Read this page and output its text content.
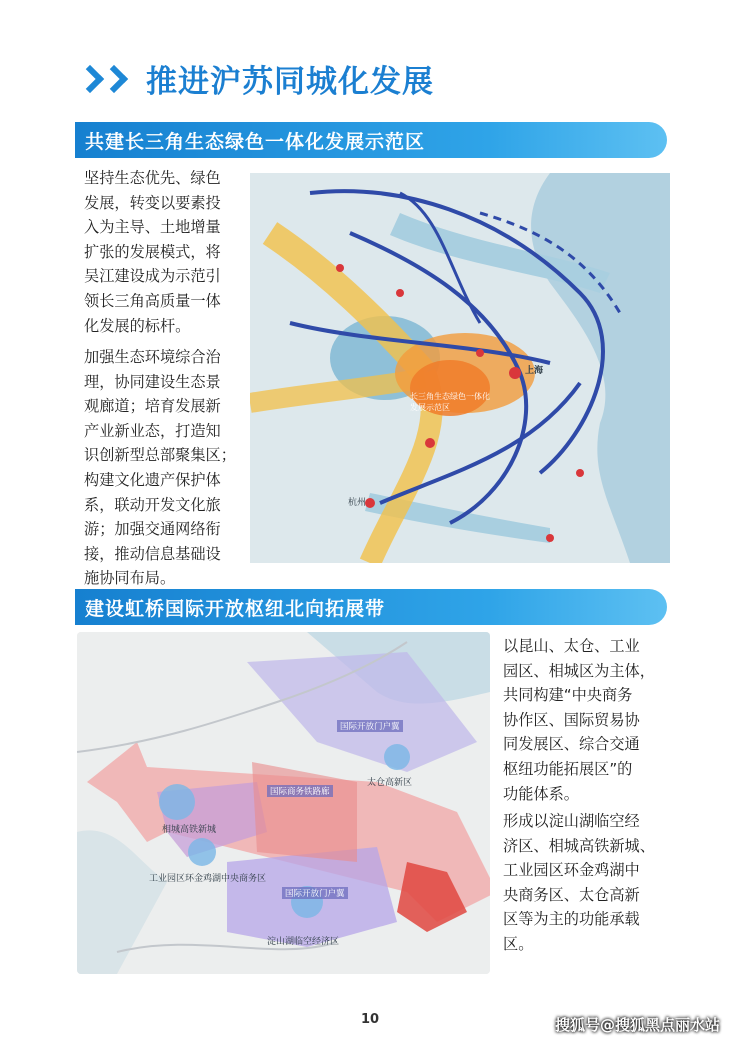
推进沪苏同城化发展
共建长三角生态绿色一体化发展示范区
坚持生态优先、绿色
发展，转变以要素投
入为主导、土地增量
扩张的发展模式，将
吴江建设成为示范引
领长三角高质量一体
化发展的标杆。
加强生态环境综合治
理，协同建设生态景
观廊道；培育发展新
产业新业态，打造知
识创新型总部聚集区；
构建文化遗产保护体
系，联动开发文化旅
游；加强交通网络衔
接，推动信息基础设
施协同布局。
上海
长三角生态绿色一体化发展示范区
杭州
建设虹桥国际开放枢纽北向拓展带
国际开放门户翼
太仓高新区
国际商务铁路廊
相城高铁新城
工业园区环金鸡湖中央商务区
国际开放门户翼
淀山湖临空经济区
以昆山、太仓、工业
园区、相城区为主体，
共同构建“中央商务
协作区、国际贸易协
同发展区、综合交通
枢纽功能拓展区”的
功能体系。
形成以淀山湖临空经
济区、相城高铁新城、
工业园区环金鸡湖中
央商务区、太仓高新
区等为主的功能承载
区。
10	搜狐号@搜狐黑点丽水站
